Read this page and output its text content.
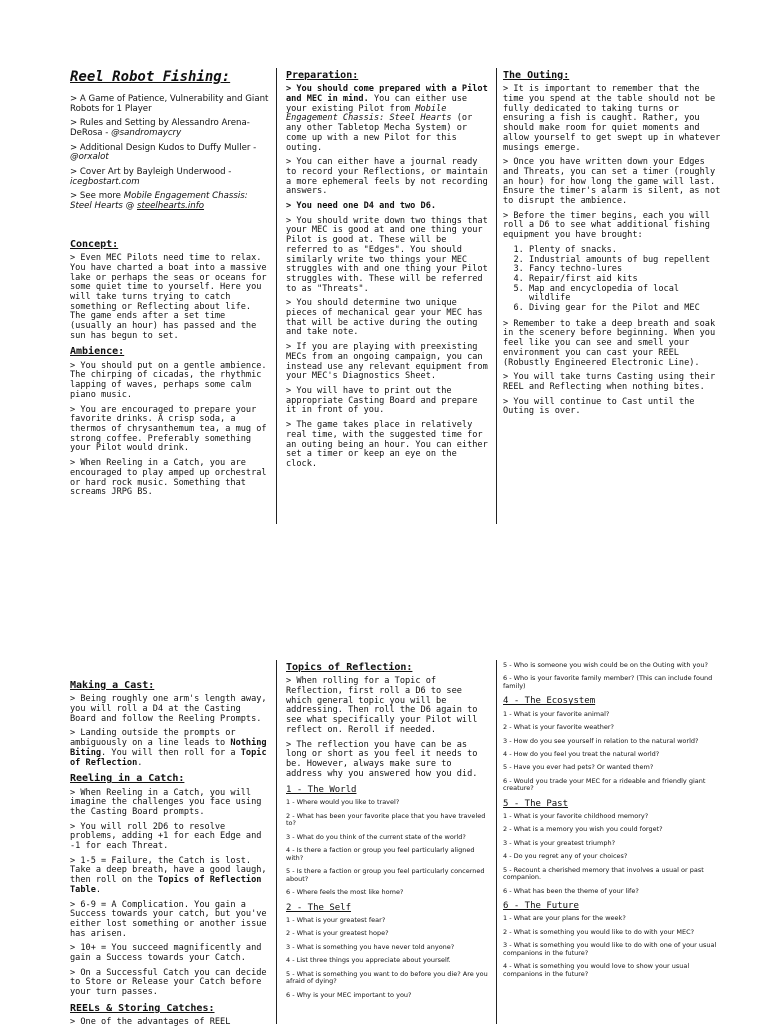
Reel Robot Fishing:

> A Game of Patience, Vulnerability and Giant Robots for 1 Player

> Rules and Setting by Alessandro Arena-DeRosa - @sandromaycry

> Additional Design Kudos to Duffy Muller - @orxalot

> Cover Art by Bayleigh Underwood - icegbostart.com

> See more Mobile Engagement Chassis: Steel Hearts @ steelhearts.info

Concept:

> Even MEC Pilots need time to relax. You have charted a boat into a massive lake or perhaps the seas or oceans for some quiet time to yourself. Here you will take turns trying to catch something or Reflecting about life. The game ends after a set time (usually an hour) has passed and the sun has begun to set.

Ambience:

> You should put on a gentle ambience. The chirping of cicadas, the rhythmic lapping of waves, perhaps some calm piano music.

> You are encouraged to prepare your favorite drinks. A crisp soda, a thermos of chrysanthemum tea, a mug of strong coffee. Preferably something your Pilot would drink.

> When Reeling in a Catch, you are encouraged to play amped up orchestral or hard rock music. Something that screams JRPG BS.

Preparation:

> You should come prepared with a Pilot and MEC in mind. You can either use your existing Pilot from Mobile Engagement Chassis: Steel Hearts (or any other Tabletop Mecha System) or come up with a new Pilot for this outing.

> You can either have a journal ready to record your Reflections, or maintain a more ephemeral feels by not recording answers.

> You need one D4 and two D6.

> You should write down two things that your MEC is good at and one thing your Pilot is good at. These will be referred to as "Edges". You should similarly write two things your MEC struggles with and one thing your Pilot struggles with. These will be referred to as "Threats".

> You should determine two unique pieces of mechanical gear your MEC has that will be active during the outing and take note.

> If you are playing with preexisting MECs from an ongoing campaign, you can instead use any relevant equipment from your MEC's Diagnostics Sheet.

> You will have to print out the appropriate Casting Board and prepare it in front of you.

> The game takes place in relatively real time, with the suggested time for an outing being an hour. You can either set a timer or keep an eye on the clock.

The Outing:

> It is important to remember that the time you spend at the table should not be fully dedicated to taking turns or ensuring a fish is caught. Rather, you should make room for quiet moments and allow yourself to get swept up in whatever musings emerge.

> Once you have written down your Edges and Threats, you can set a timer (roughly an hour) for how long the game will last. Ensure the timer's alarm is silent, as not to disrupt the ambience.

> Before the timer begins, each you will roll a D6 to see what additional fishing equipment you have brought:

1. Plenty of snacks.
2. Industrial amounts of bug repellent
3. Fancy techno-lures
4. Repair/first aid kits
5. Map and encyclopedia of local wildlife
6. Diving gear for the Pilot and MEC

> Remember to take a deep breath and soak in the scenery before beginning. When you feel like you can see and smell your environment you can cast your REEL (Robustly Engineered Electronic Line).

> You will take turns Casting using their REEL and Reflecting when nothing bites.

> You will continue to Cast until the Outing is over.

Making a Cast:

> Being roughly one arm's length away, you will roll a D4 at the Casting Board and follow the Reeling Prompts.

> Landing outside the prompts or ambiguously on a line leads to Nothing Biting. You will then roll for a Topic of Reflection.

Reeling in a Catch:

> When Reeling in a Catch, you will imagine the challenges you face using the Casting Board prompts.

> You will roll 2D6 to resolve problems, adding +1 for each Edge and -1 for each Threat.

> 1-5 = Failure, the Catch is lost. Take a deep breath, have a good laugh, then roll on the Topics of Reflection Table.

> 6-9 = A Complication. You gain a Success towards your catch, but you've either lost something or another issue has arisen.

> 10+ = You succeed magnificently and gain a Success towards your Catch.

> On a Successful Catch you can decide to Store or Release your Catch before your turn passes.

REELs & Storing Catches:

> One of the advantages of REEL

Topics of Reflection:

> When rolling for a Topic of Reflection, first roll a D6 to see which general topic you will be addressing. Then roll the D6 again to see what specifically your Pilot will reflect on. Reroll if needed.

> The reflection you have can be as long or short as you feel it needs to be. However, always make sure to address why you answered how you did.

1 - The World

1 - Where would you like to travel?

2 - What has been your favorite place that you have traveled to?

3 - What do you think of the current state of the world?

4 - Is there a faction or group you feel particularly aligned with?

5 - Is there a faction or group you feel particularly concerned about?

6 - Where feels the most like home?

2 - The Self

1 - What is your greatest fear?

2 - What is your greatest hope?

3 - What is something you have never told anyone?

4 - List three things you appreciate about yourself.

5 - What is something you want to do before you die? Are you afraid of dying?

6 - Why is your MEC important to you?

5 - Who is someone you wish could be on the Outing with you?

6 - Who is your favorite family member? (This can include found family)

4 - The Ecosystem

1 - What is your favorite animal?

2 - What is your favorite weather?

3 - How do you see yourself in relation to the natural world?

4 - How do you feel you treat the natural world?

5 - Have you ever had pets? Or wanted them?

6 - Would you trade your MEC for a rideable and friendly giant creature?

5 - The Past

1 - What is your favorite childhood memory?

2 - What is a memory you wish you could forget?

3 - What is your greatest triumph?

4 - Do you regret any of your choices?

5 - Recount a cherished memory that involves a usual or past companion.

6 - What has been the theme of your life?

6 - The Future

1 - What are your plans for the week?

2 - What is something you would like to do with your MEC?

3 - What is something you would like to do with one of your usual companions in the future?

4 - What is something you would love to show your usual companions in the future?
